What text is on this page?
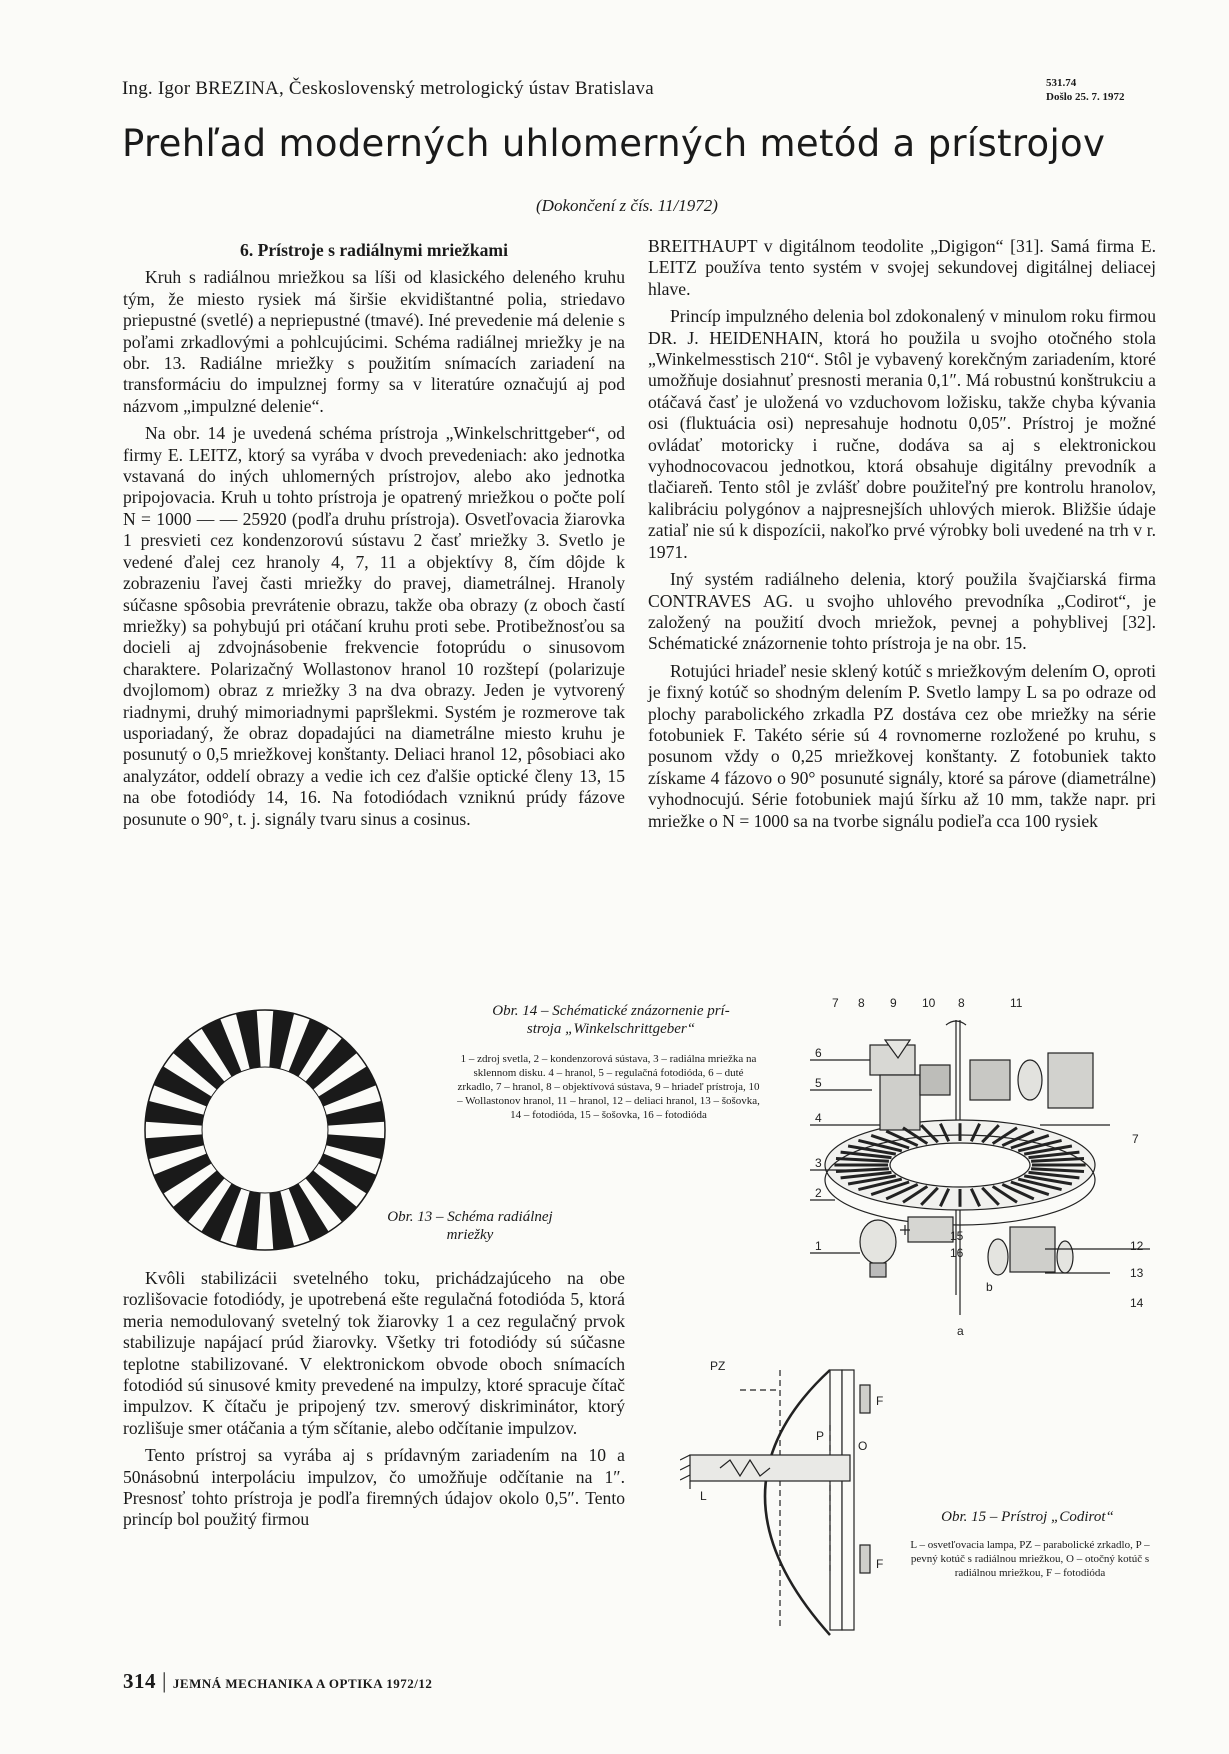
Ing. Igor BREZINA, Československý metrologický ústav Bratislava	531.74
Došlo 25. 7. 1972
Prehľad moderných uhlomerných metód a prístrojov
(Dokončení z čís. 11/1972)

6. Prístroje s radiálnymi mriežkami

Kruh s radiálnou mriežkou sa líši od klasického deleného kruhu tým, že miesto rysiek má širšie ekvidištantné polia, striedavo priepustné (svetlé) a nepriepustné (tmavé). Iné prevedenie má delenie s poľami zrkadlovými a pohlcujúcimi. Schéma radiálnej mriežky je na obr. 13. Radiálne mriežky s použitím snímacích zariadení na transformáciu do impulznej formy sa v literatúre označujú aj pod názvom „impulzné delenie“.

Na obr. 14 je uvedená schéma prístroja „Winkelschrittgeber“, od firmy E. LEITZ, ktorý sa vyrába v dvoch prevedeniach: ako jednotka vstavaná do iných uhlomerných prístrojov, alebo ako jednotka pripojovacia. Kruh u tohto prístroja je opatrený mriežkou o počte polí N = 1000 — — 25920 (podľa druhu prístroja). Osvetľovacia žiarovka 1 presvieti cez kondenzorovú sústavu 2 časť mriežky 3. Svetlo je vedené ďalej cez hranoly 4, 7, 11 a objektívy 8, čím dôjde k zobrazeniu ľavej časti mriežky do pravej, diametrálnej. Hranoly súčasne spôsobia prevrátenie obrazu, takže oba obrazy (z oboch častí mriežky) sa pohybujú pri otáčaní kruhu proti sebe. Protibežnosťou sa docieli aj zdvojnásobenie frekvencie fotoprúdu o sinusovom charaktere. Polarizačný Wollastonov hranol 10 rozštepí (polarizuje dvojlomom) obraz z mriežky 3 na dva obrazy. Jeden je vytvorený riadnymi, druhý mimoriadnymi papršlekmi. Systém je rozmerove tak usporiadaný, že obraz dopadajúci na diametrálne miesto kruhu je posunutý o 0,5 mriežkovej konštanty. Deliaci hranol 12, pôsobiaci ako analyzátor, oddelí obrazy a vedie ich cez ďalšie optické členy 13, 15 na obe fotodiódy 14, 16. Na fotodiódach vzniknú prúdy fázove posunute o 90°, t. j. signály tvaru sinus a cosinus.

BREITHAUPT v digitálnom teodolite „Digigon“ [31]. Samá firma E. LEITZ používa tento systém v svojej sekundovej digitálnej deliacej hlave.

Princíp impulzného delenia bol zdokonalený v minulom roku firmou DR. J. HEIDENHAIN, ktorá ho použila u svojho otočného stola „Winkelmesstisch 210“. Stôl je vybavený korekčným zariadením, ktoré umožňuje dosiahnuť presnosti merania 0,1″. Má robustnú konštrukciu a otáčavá časť je uložená vo vzduchovom ložisku, takže chyba kývania osi (fluktuácia osi) nepresahuje hodnotu 0,05″. Prístroj je možné ovládať motoricky i ručne, dodáva sa aj s elektronickou vyhodnocovacou jednotkou, ktorá obsahuje digitálny prevodník a tlačiareň. Tento stôl je zvlášť dobre použiteľný pre kontrolu hranolov, kalibráciu polygónov a najpresnejších uhlových mierok. Bližšie údaje zatiaľ nie sú k dispozícii, nakoľko prvé výrobky boli uvedené na trh v r. 1971.

Iný systém radiálneho delenia, ktorý použila švajčiarská firma CONTRAVES AG. u svojho uhlového prevodníka „Codirot“, je založený na použití dvoch mriežok, pevnej a pohyblivej [32]. Schématické znázornenie tohto prístroja je na obr. 15.

Rotujúci hriadeľ nesie sklený kotúč s mriežkovým delením O, oproti je fixný kotúč so shodným delením P. Svetlo lampy L sa po odraze od plochy parabolického zrkadla PZ dostáva cez obe mriežky na série fotobuniek F. Takéto série sú 4 rovnomerne rozložené po kruhu, s posunom vždy o 0,25 mriežkovej konštanty. Z fotobuniek takto získame 4 fázovo o 90° posunuté signály, ktoré sa párove (diametrálne) vyhodnocujú. Série fotobuniek majú šírku až 10 mm, takže napr. pri mriežke o N = 1000 sa na tvorbe signálu podieľa cca 100 rysiek

Obr. 13 – Schéma radiálnej
mriežky
Obr. 14 – Schématické znázornenie prí-
stroja „Winkelschrittgeber“
1 – zdroj svetla, 2 – kondenzorová sústava, 3 – radiálna mriežka na sklennom disku. 4 – hranol, 5 – regulačná fotodióda, 6 – duté zrkadlo, 7 – hranol, 8 – objektívová sústava, 9 – hriadeľ prístroja, 10 – Wollastonov hranol, 11 – hranol, 12 – deliaci hranol, 13 – šošovka, 14 – fotodióda, 15 – šošovka, 16 – fotodióda
7 8 9 10 8	11
6
5
4
7
3
2
15
16
1	12
13
14
b
a
PZ
F
P
O
L
F
Obr. 15 – Prístroj „Codirot“
L – osvetľovacia lampa, PZ – parabolické zrkadlo, P – pevný kotúč s radiálnou mriežkou, O – otočný kotúč s radiálnou mriežkou, F – fotodióda

Kvôli stabilizácii svetelného toku, prichádzajúceho na obe rozlišovacie fotodiódy, je upotrebená ešte regulačná fotodióda 5, ktorá meria nemodulovaný svetelný tok žiarovky 1 a cez regulačný prvok stabilizuje napájací prúd žiarovky. Všetky tri fotodiódy sú súčasne teplotne stabilizované. V elektronickom obvode oboch snímacích fotodiód sú sinusové kmity prevedené na impulzy, ktoré spracuje čítač impulzov. K čítaču je pripojený tzv. smerový diskriminátor, ktorý rozlišuje smer otáčania a tým sčítanie, alebo odčítanie impulzov.

Tento prístroj sa vyrába aj s prídavným zariadením na 10 a 50násobnú interpoláciu impulzov, čo umožňuje odčítanie na 1″. Presnosť tohto prístroja je podľa firemných údajov okolo 0,5″. Tento princíp bol použitý firmou

314 | JEMNÁ MECHANIKA A OPTIKA 1972/12
